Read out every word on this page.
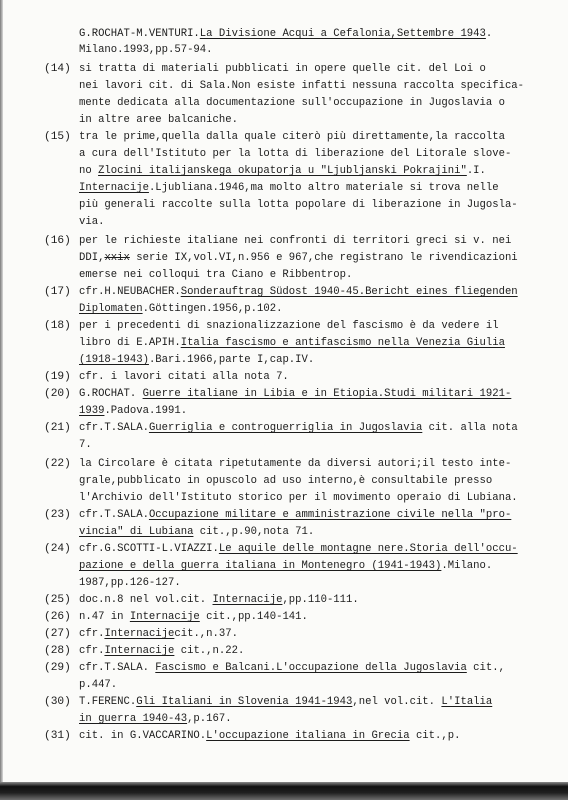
G.ROCHAT-M.VENTURI.La Divisione Acqui a Cefalonia,Settembre 1943.
Milano.1993,pp.57-94.
(14) si tratta di materiali pubblicati in opere quelle cit. del Loi o
nei lavori cit. di Sala.Non esiste infatti nessuna raccolta specifica-
mente dedicata alla documentazione sull'occupazione in Jugoslavia o
in altre aree balcaniche.
(15) tra le prime,quella dalla quale citerò più direttamente,la raccolta
a cura dell'Istituto per la lotta di liberazione del Litorale slove-
no Zlocini italijanskega okupatorja u "Ljubljanski Pokrajini".I.
Internacije.Ljubliana.1946,ma molto altro materiale si trova nelle
più generali raccolte sulla lotta popolare di liberazione in Jugosla-
via.
(16) per le richieste italiane nei confronti di territori greci si v. nei
DDI,xxix serie IX,vol.VI,n.956 e 967,che registrano le rivendicazioni
emerse nei colloqui tra Ciano e Ribbentrop.
(17) cfr.H.NEUBACHER.Sonderauftrag Südost 1940-45.Bericht eines fliegenden
Diplomaten.Göttingen.1956,p.102.
(18) per i precedenti di snazionalizzazione del fascismo è da vedere il
libro di E.APIH.Italia fascismo e antifascismo nella Venezia Giulia
(1918-1943).Bari.1966,parte I,cap.IV.
(19) cfr. i lavori citati alla nota 7.
(20) G.ROCHAT. Guerre italiane in Libia e in Etiopia.Studi militari 1921-
1939.Padova.1991.
(21) cfr.T.SALA.Guerriglia e controguerriglia in Jugoslavia cit. alla nota
7.
(22) la Circolare è citata ripetutamente da diversi autori;il testo inte-
grale,pubblicato in opuscolo ad uso interno,è consultabile presso
l'Archivio dell'Istituto storico per il movimento operaio di Lubiana.
(23) cfr.T.SALA.Occupazione militare e amministrazione civile nella "pro-
vincia" di Lubiana cit.,p.90,nota 71.
(24) cfr.G.SCOTTI-L.VIAZZI.Le aquile delle montagne nere.Storia dell'occu-
pazione e della guerra italiana in Montenegro (1941-1943).Milano.
1987,pp.126-127.
(25) doc.n.8 nel vol.cit. Internacije,pp.110-111.
(26) n.47 in Internacije cit.,pp.140-141.
(27) cfr.Internacijecit.,n.37.
(28) cfr.Internacije cit.,n.22.
(29) cfr.T.SALA. Fascismo e Balcani.L'occupazione della Jugoslavia cit.,
p.447.
(30) T.FERENC.Gli Italiani in Slovenia 1941-1943,nel vol.cit. L'Italia
in guerra 1940-43,p.167.
(31) cit. in G.VACCARINO.L'occupazione italiana in Grecia cit.,p.
